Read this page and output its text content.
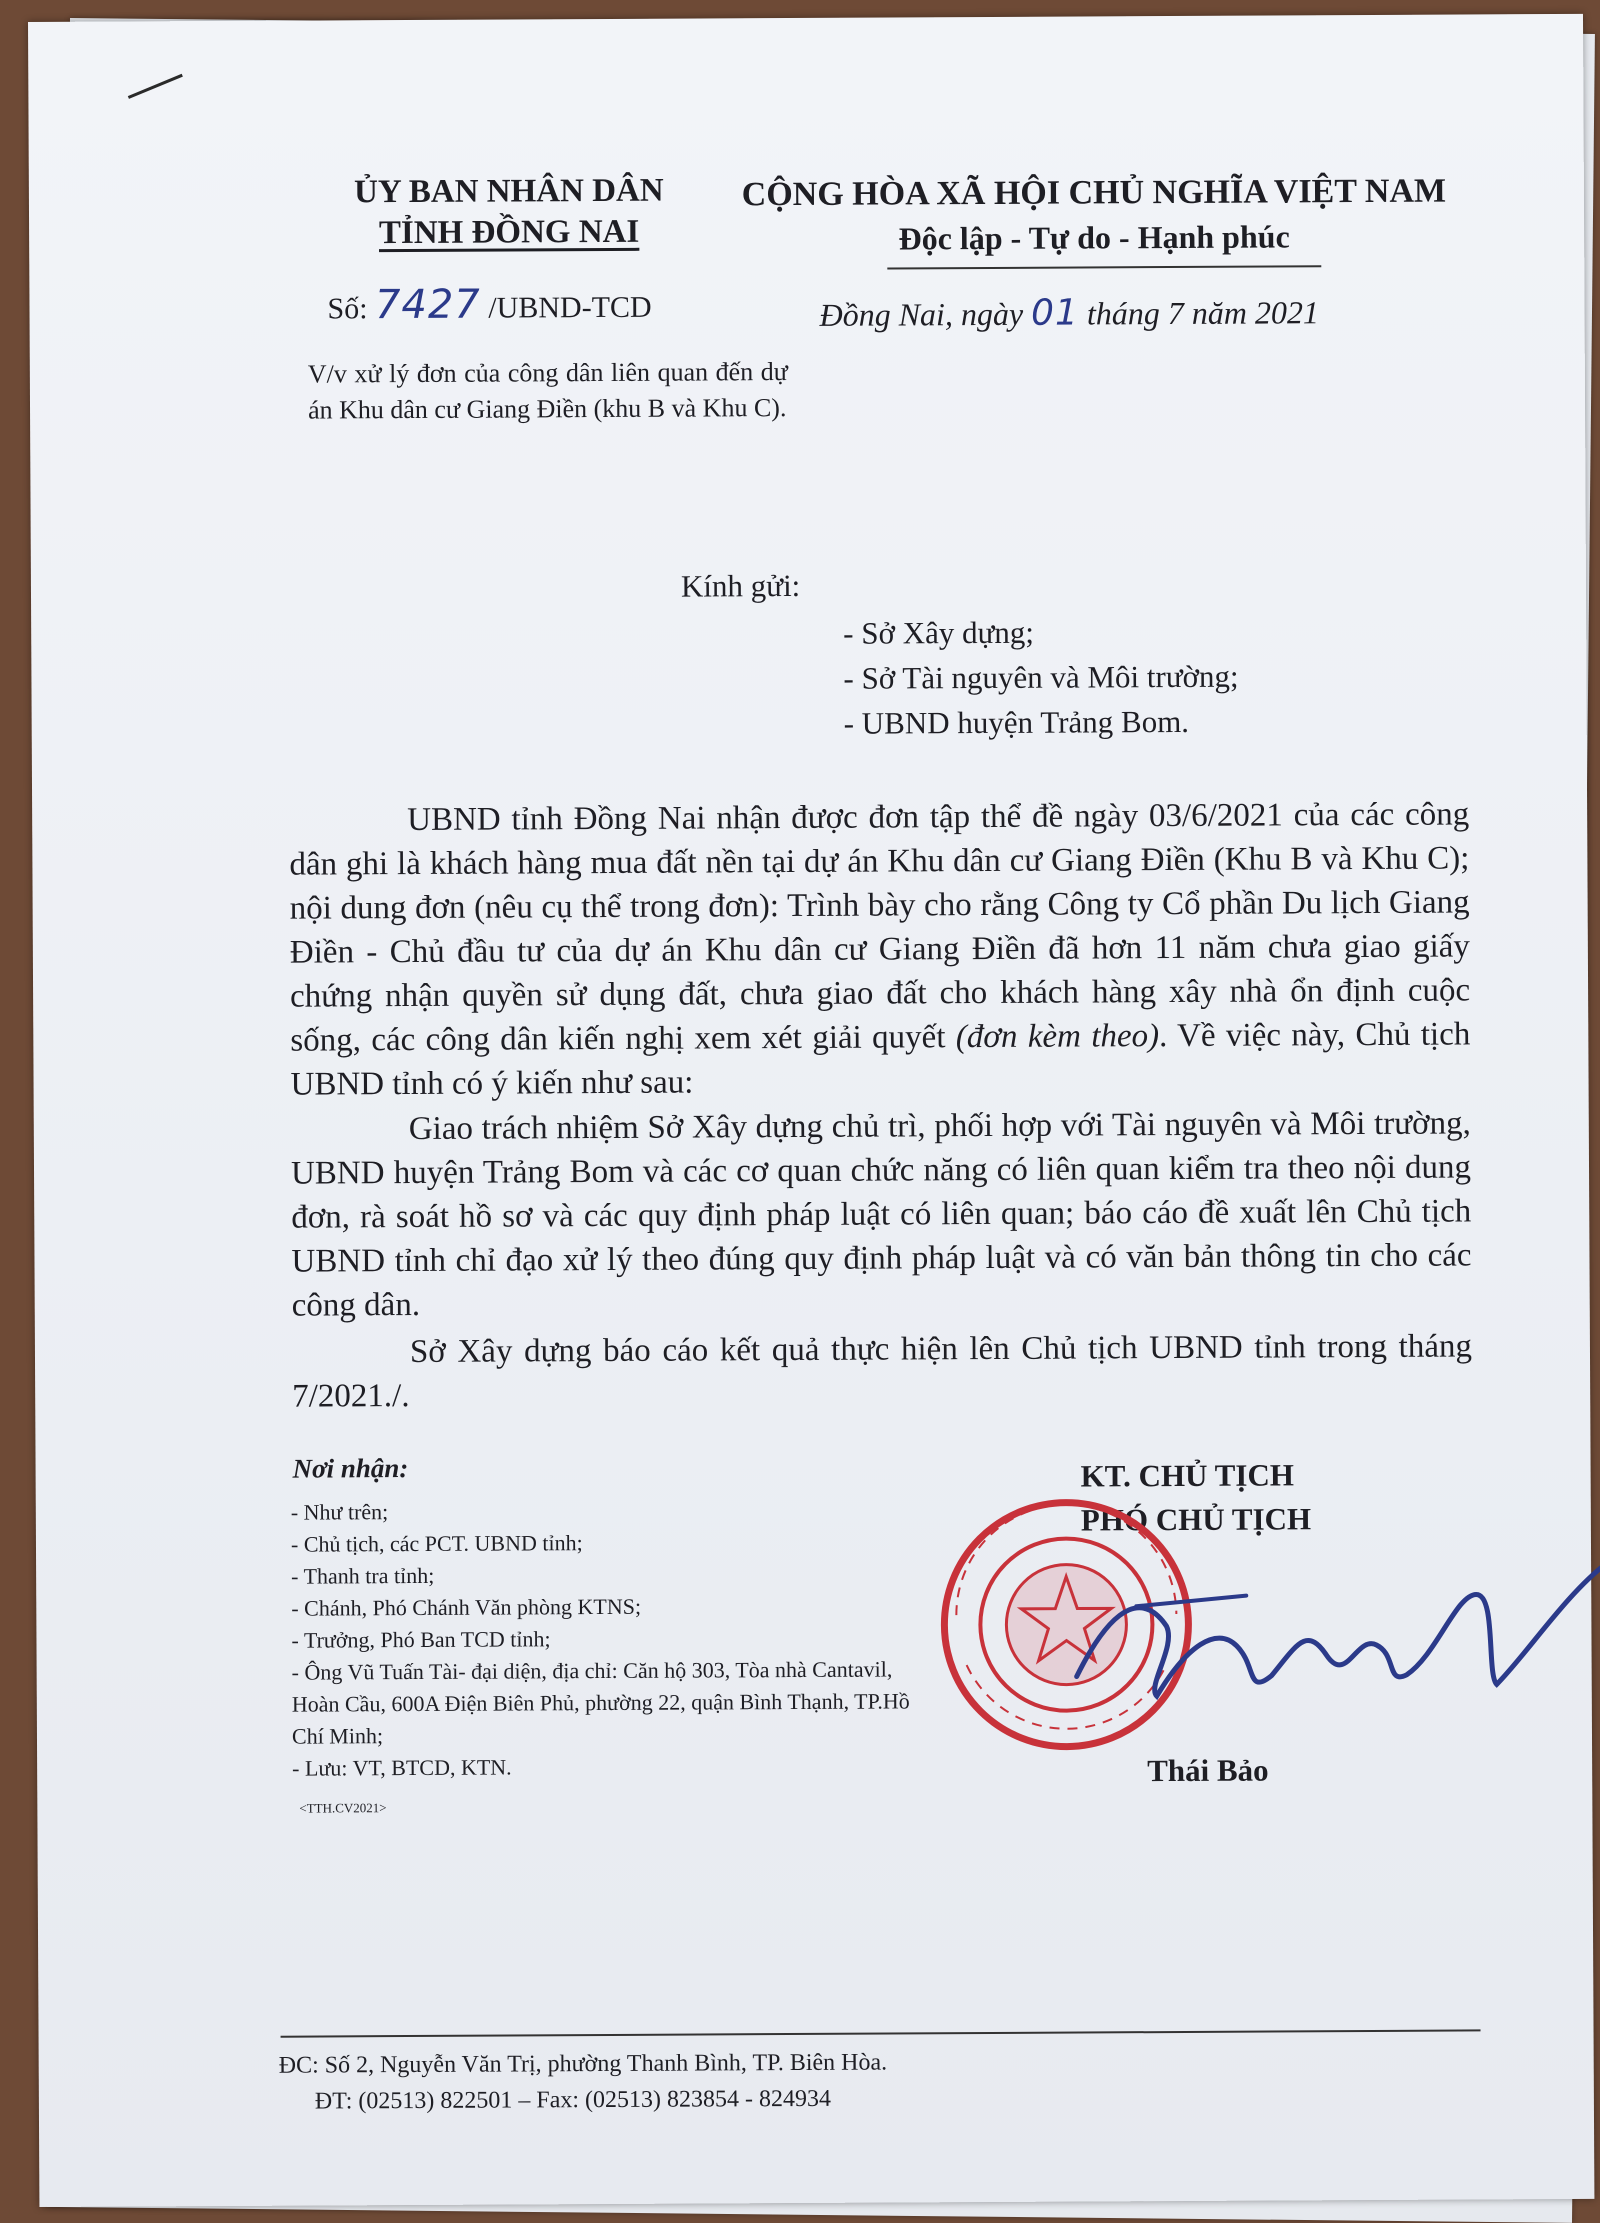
ỦY BAN NHÂN DÂN
TỈNH ĐỒNG NAI
CỘNG HÒA XÃ HỘI CHỦ NGHĨA VIỆT NAM
Độc lập - Tự do - Hạnh phúc
Số: 7427 /UBND-TCD	Đồng Nai, ngày 01 tháng 7 năm 2021
V/v xử lý đơn của công dân liên quan đến dự án Khu dân cư Giang Điền (khu B và Khu C).
Kính gửi:
- Sở Xây dựng;
- Sở Tài nguyên và Môi trường;
- UBND huyện Trảng Bom.

UBND tỉnh Đồng Nai nhận được đơn tập thể đề ngày 03/6/2021 của các công dân ghi là khách hàng mua đất nền tại dự án Khu dân cư Giang Điền (Khu B và Khu C); nội dung đơn (nêu cụ thể trong đơn): Trình bày cho rằng Công ty Cổ phần Du lịch Giang Điền - Chủ đầu tư của dự án Khu dân cư Giang Điền đã hơn 11 năm chưa giao giấy chứng nhận quyền sử dụng đất, chưa giao đất cho khách hàng xây nhà ổn định cuộc sống, các công dân kiến nghị xem xét giải quyết (đơn kèm theo). Về việc này, Chủ tịch UBND tỉnh có ý kiến như sau:

Giao trách nhiệm Sở Xây dựng chủ trì, phối hợp với Tài nguyên và Môi trường, UBND huyện Trảng Bom và các cơ quan chức năng có liên quan kiểm tra theo nội dung đơn, rà soát hồ sơ và các quy định pháp luật có liên quan; báo cáo đề xuất lên Chủ tịch UBND tỉnh chỉ đạo xử lý theo đúng quy định pháp luật và có văn bản thông tin cho các công dân.

Sở Xây dựng báo cáo kết quả thực hiện lên Chủ tịch UBND tỉnh trong tháng 7/2021./.

Nơi nhận:
- Như trên;
- Chủ tịch, các PCT. UBND tỉnh;
- Thanh tra tỉnh;
- Chánh, Phó Chánh Văn phòng KTNS;
- Trưởng, Phó Ban TCD tỉnh;
- Ông Vũ Tuấn Tài- đại diện, địa chỉ: Căn hộ 303, Tòa nhà Cantavil, Hoàn Cầu, 600A Điện Biên Phủ, phường 22, quận Bình Thạnh, TP.Hồ Chí Minh;
- Lưu: VT, BTCD, KTN.
<TTH.CV2021>
KT. CHỦ TỊCH
PHÓ CHỦ TỊCH
Thái Bảo
ĐC: Số 2, Nguyễn Văn Trị, phường Thanh Bình, TP. Biên Hòa.
ĐT: (02513) 822501 – Fax: (02513) 823854 - 824934
